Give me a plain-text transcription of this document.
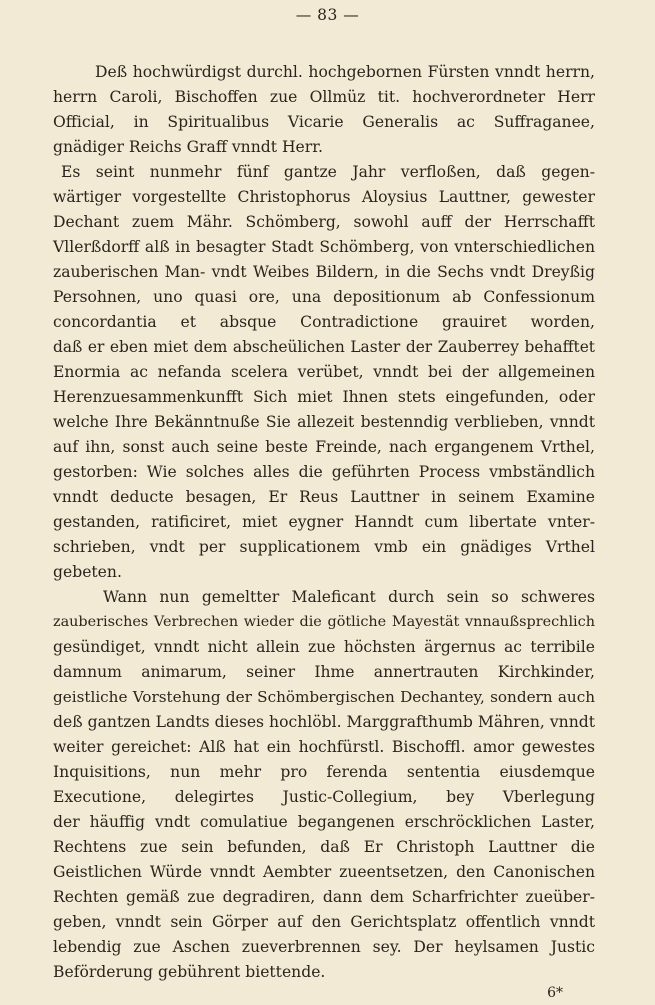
— 83 —
Deß hochwürdigst durchl. hochgebornen Fürsten vnndt herrn,
herrn Caroli, Bischoffen zue Ollmüz tit. hochverordneter Herr
Official, in Spiritualibus Vicarie Generalis ac Suffraganee,
gnädiger Reichs Graff vnndt Herr.
Es seint nunmehr fünf gantze Jahr verfloßen, daß gegen-
wärtiger vorgestellte Christophorus Aloysius Lauttner, gewester
Dechant zuem Mähr. Schömberg, sowohl auff der Herrschafft
Vllerßdorff alß in besagter Stadt Schömberg, von vnterschiedlichen
zauberischen Man- vndt Weibes Bildern, in die Sechs vndt Dreyßig
Persohnen, uno quasi ore, una depositionum ab Confessionum
concordantia et absque Contradictione grauiret worden,
daß er eben miet dem abscheülichen Laster der Zauberrey behafftet
Enormia ac nefanda scelera verübet, vnndt bei der allgemeinen
Herenzuesammenkunfft Sich miet Ihnen stets eingefunden, oder
welche Ihre Bekänntnuße Sie allezeit bestenndig verblieben, vnndt
auf ihn, sonst auch seine beste Freinde, nach ergangenem Vrthel,
gestorben: Wie solches alles die geführten Process vmbständlich
vnndt deducte besagen, Er Reus Lauttner in seinem Examine
gestanden, ratificiret, miet eygner Hanndt cum libertate vnter-
schrieben, vndt per supplicationem vmb ein gnädiges Vrthel
gebeten.
Wann nun gemeltter Maleficant durch sein so schweres
zauberisches Verbrechen wieder die götliche Mayestät vnnaußsprechlich
gesündiget, vnndt nicht allein zue höchsten ärgernus ac terribile
damnum animarum, seiner Ihme annertrauten Kirchkinder,
geistliche Vorstehung der Schömbergischen Dechantey, sondern auch
deß gantzen Landts dieses hochlöbl. Marggrafthumb Mähren, vnndt
weiter gereichet: Alß hat ein hochfürstl. Bischoffl. amor gewestes
Inquisitions, nun mehr pro ferenda sententia eiusdemque
Executione, delegirtes Justic-Collegium, bey Vberlegung
der häuffig vndt comulatiue begangenen erschröcklichen Laster,
Rechtens zue sein befunden, daß Er Christoph Lauttner die
Geistlichen Würde vnndt Aembter zueentsetzen, den Canonischen
Rechten gemäß zue degradiren, dann dem Scharfrichter zueüber-
geben, vnndt sein Görper auf den Gerichtsplatz offentlich vnndt
lebendig zue Aschen zueverbrennen sey. Der heylsamen Justic
Beförderung gebührent biettende.
6*
